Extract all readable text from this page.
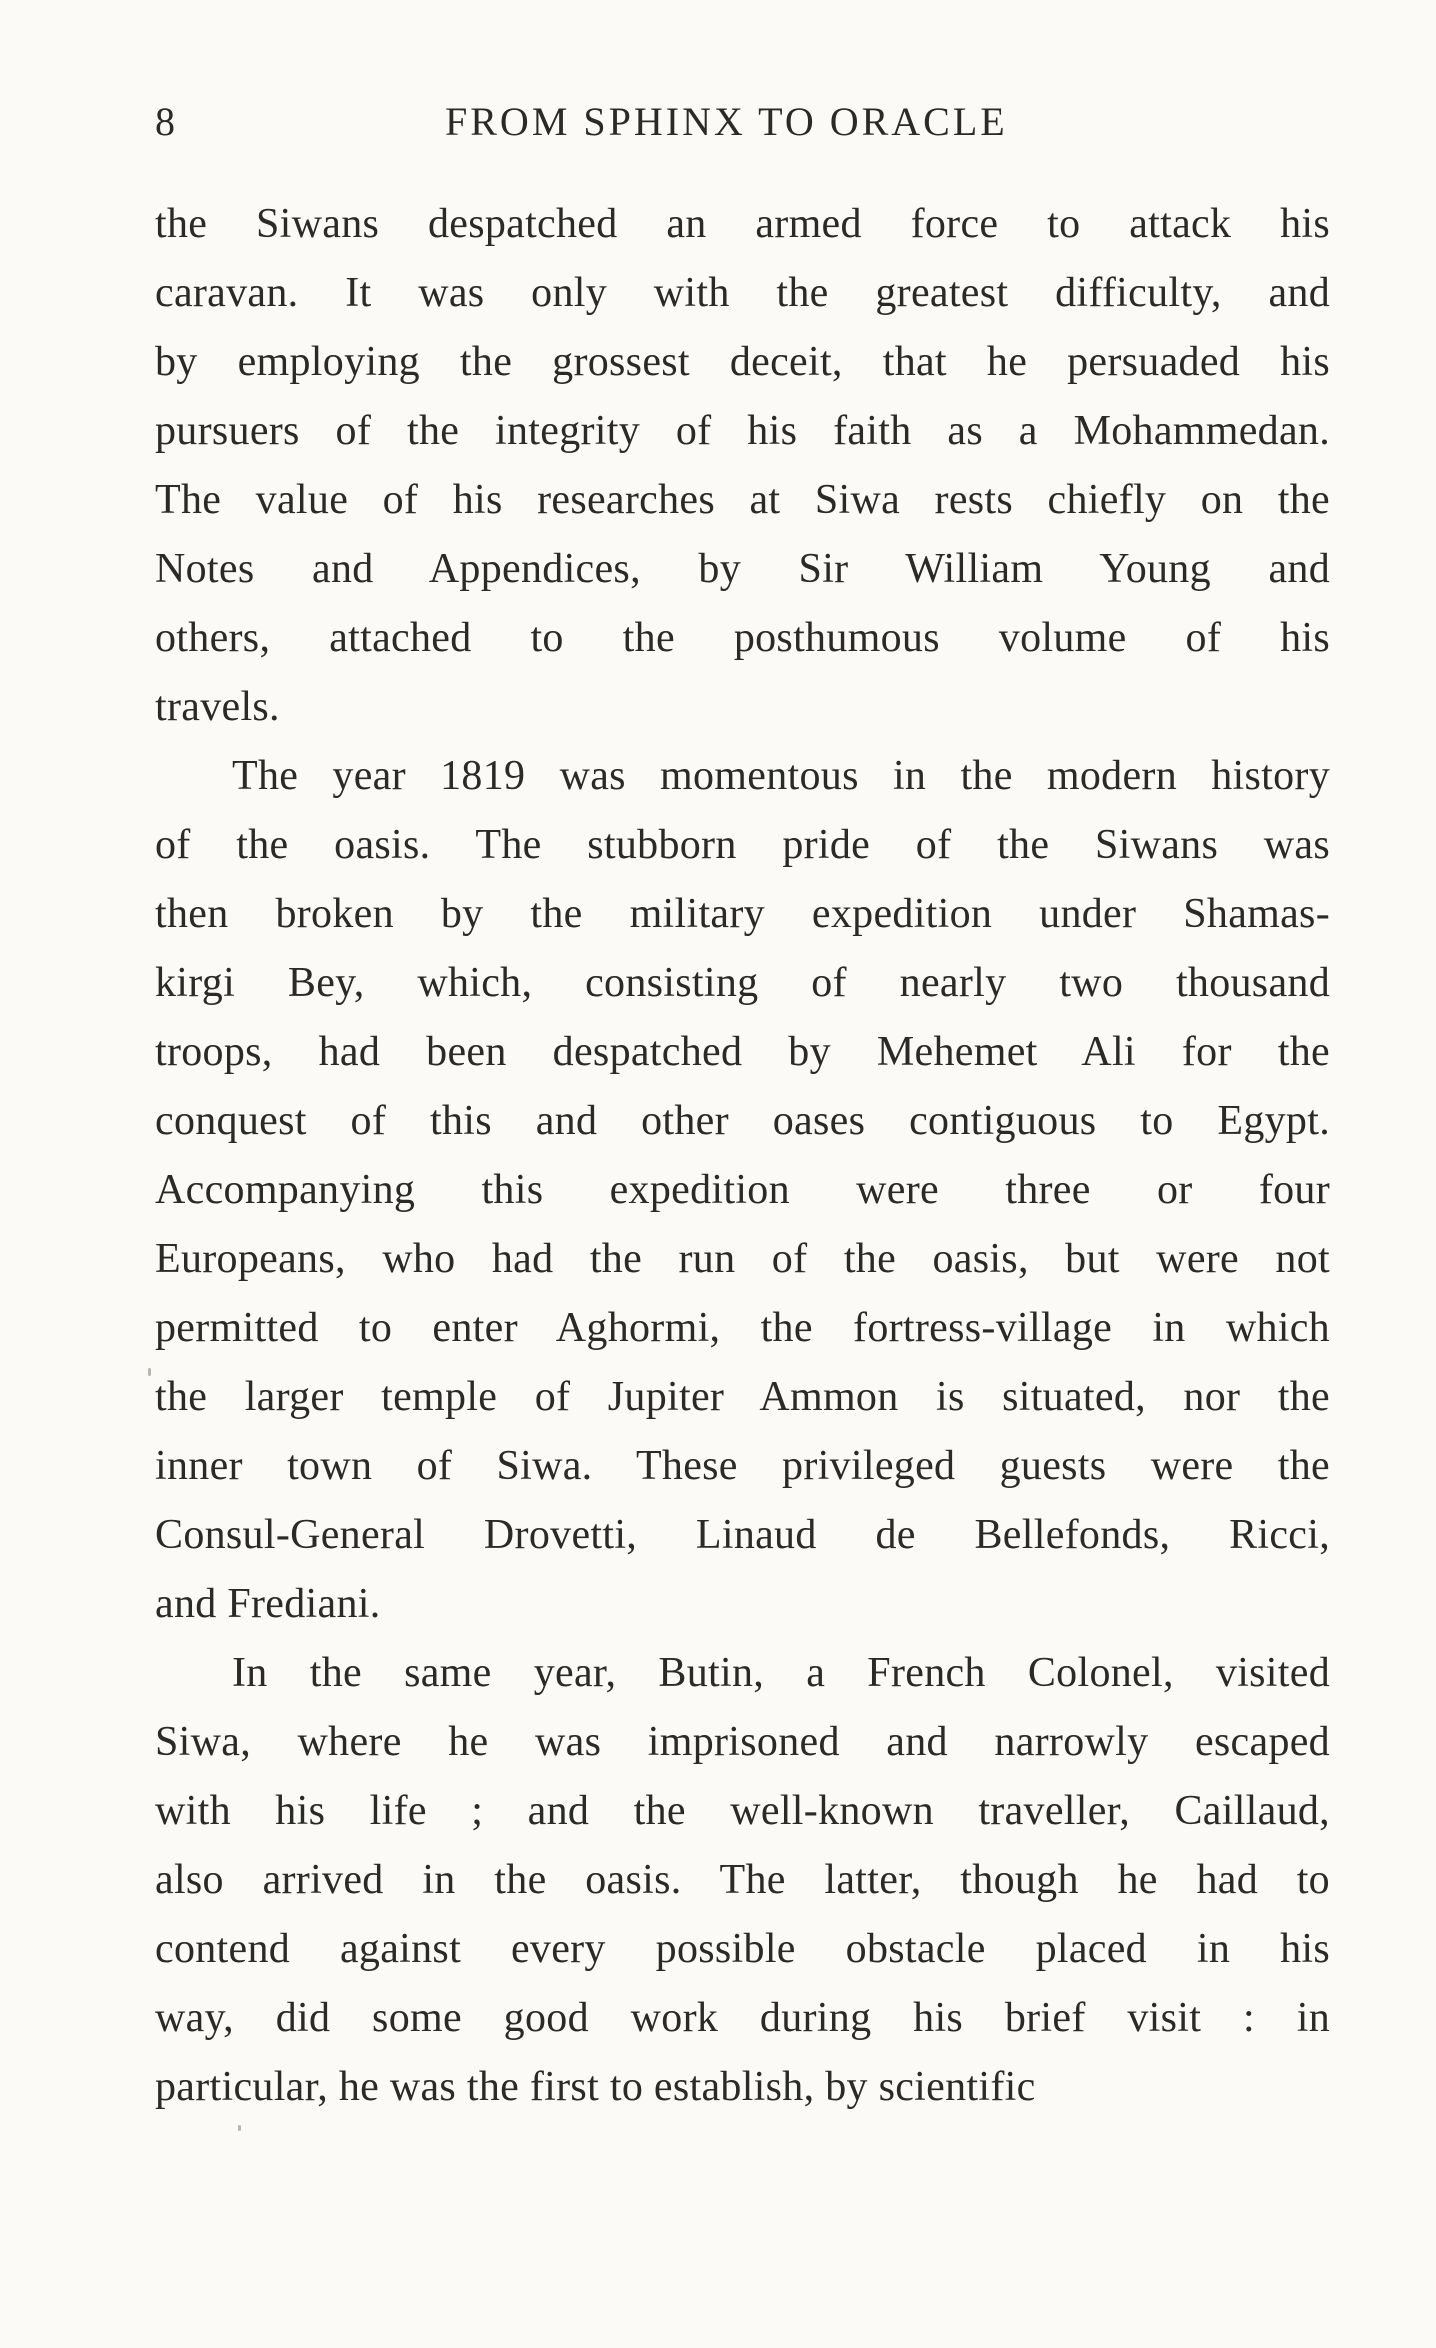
8	FROM SPHINX TO ORACLE

the Siwans despatched an armed force to attack his
caravan. It was only with the greatest difficulty, and
by employing the grossest deceit, that he persuaded his
pursuers of the integrity of his faith as a Mohammedan.
The value of his researches at Siwa rests chiefly on the
Notes and Appendices, by Sir William Young and
others, attached to the posthumous volume of his
travels.

The year 1819 was momentous in the modern history
of the oasis. The stubborn pride of the Siwans was
then broken by the military expedition under Shamas-
kirgi Bey, which, consisting of nearly two thousand
troops, had been despatched by Mehemet Ali for the
conquest of this and other oases contiguous to Egypt.
Accompanying this expedition were three or four
Europeans, who had the run of the oasis, but were not
permitted to enter Aghormi, the fortress-village in which
the larger temple of Jupiter Ammon is situated, nor the
inner town of Siwa. These privileged guests were the
Consul-General Drovetti, Linaud de Bellefonds, Ricci,
and Frediani.

In the same year, Butin, a French Colonel, visited
Siwa, where he was imprisoned and narrowly escaped
with his life ; and the well-known traveller, Caillaud,
also arrived in the oasis. The latter, though he had to
contend against every possible obstacle placed in his
way, did some good work during his brief visit : in
particular, he was the first to establish, by scientific
